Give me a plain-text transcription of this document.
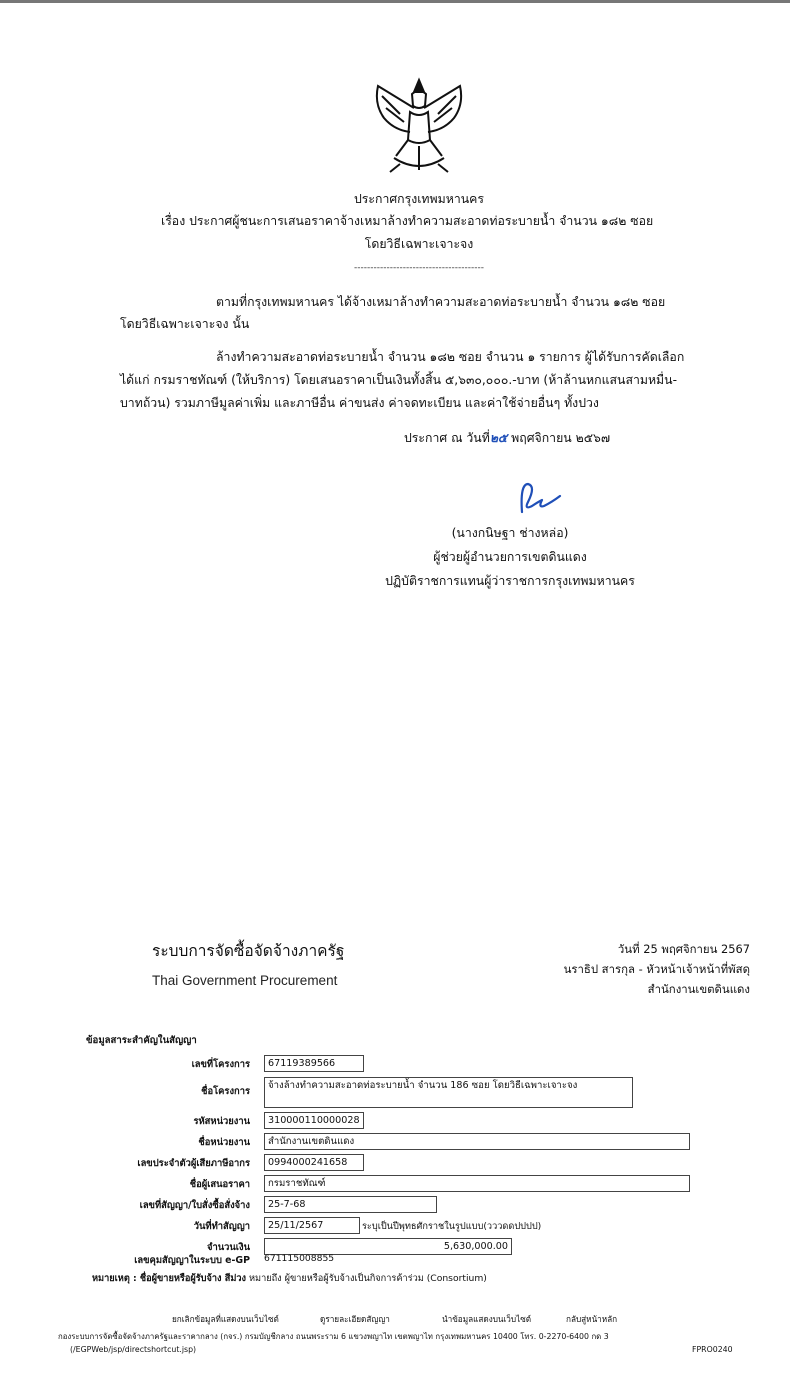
ประกาศกรุงเทพมหานคร
เรื่อง ประกาศผู้ชนะการเสนอราคาจ้างเหมาล้างทำความสะอาดท่อระบายน้ำ จำนวน ๑๘๒ ซอย
โดยวิธีเฉพาะเจาะจง
----------------------------------------
ตามที่กรุงเทพมหานคร ได้จ้างเหมาล้างทำความสะอาดท่อระบายน้ำ จำนวน ๑๘๒ ซอย
โดยวิธีเฉพาะเจาะจง นั้น
ล้างทำความสะอาดท่อระบายน้ำ จำนวน ๑๘๒ ซอย จำนวน ๑ รายการ ผู้ได้รับการคัดเลือก
ได้แก่ กรมราชทัณฑ์ (ให้บริการ) โดยเสนอราคาเป็นเงินทั้งสิ้น ๕,๖๓๐,๐๐๐.-บาท (ห้าล้านหกแสนสามหมื่น-
บาทถ้วน) รวมภาษีมูลค่าเพิ่ม และภาษีอื่น ค่าขนส่ง ค่าจดทะเบียน และค่าใช้จ่ายอื่นๆ ทั้งปวง
ประกาศ ณ วันที่๒๕ พฤศจิกายน ๒๕๖๗
(นางกนิษฐา ช่างหล่อ)
ผู้ช่วยผู้อำนวยการเขตดินแดง
ปฏิบัติราชการแทนผู้ว่าราชการกรุงเทพมหานคร
ระบบการจัดซื้อจัดจ้างภาครัฐ
Thai Government Procurement
วันที่ 25 พฤศจิกายน 2567
นราธิป สารกุล - หัวหน้าเจ้าหน้าที่พัสดุ
สำนักงานเขตดินแดง
ข้อมูลสาระสำคัญในสัญญา
เลขที่โครงการ	67119389566
ชื่อโครงการ
จ้างล้างทำความสะอาดท่อระบายน้ำ จำนวน 186 ซอย โดยวิธีเฉพาะเจาะจง
รหัสหน่วยงาน	310000110000028
ชื่อหน่วยงาน	สำนักงานเขตดินแดง
เลขประจำตัวผู้เสียภาษีอากร	0994000241658
ชื่อผู้เสนอราคา	กรมราชทัณฑ์
เลขที่สัญญา/ใบสั่งซื้อสั่งจ้าง	25-7-68
วันที่ทำสัญญา	25/11/2567	ระบุเป็นปีพุทธศักราชในรูปแบบ(วววดดปปปป)
จำนวนเงิน	5,630,000.00
เลขคุมสัญญาในระบบ e-GP 671115008855
หมายเหตุ : ชื่อผู้ขายหรือผู้รับจ้าง สีม่วง หมายถึง ผู้ขายหรือผู้รับจ้างเป็นกิจการค้าร่วม (Consortium)
ยกเลิกข้อมูลที่แสดงบนเว็บไซต์	ดูรายละเอียดสัญญา	นำข้อมูลแสดงบนเว็บไซต์	กลับสู่หน้าหลัก
กองระบบการจัดซื้อจัดจ้างภาครัฐและราคากลาง (กจร.) กรมบัญชีกลาง ถนนพระราม 6 แขวงพญาไท เขตพญาไท กรุงเทพมหานคร 10400 โทร. 0-2270-6400 กด 3
(/EGPWeb/jsp/directshortcut.jsp)	FPRO0240
